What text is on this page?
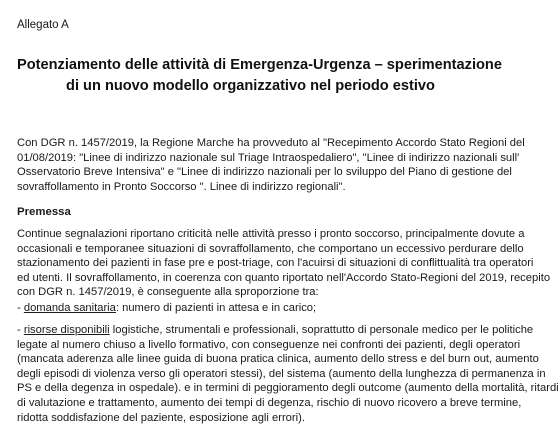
Allegato A
Potenziamento delle attività di Emergenza-Urgenza – sperimentazione
di un nuovo modello organizzativo nel periodo estivo
Con DGR n. 1457/2019, la Regione Marche ha provveduto al "Recepimento Accordo Stato Regioni del
01/08/2019: "Linee di indirizzo nazionale sul Triage Intraospedaliero", "Linee di indirizzo nazionali sull'
Osservatorio Breve Intensiva" e "Linee di indirizzo nazionali per lo sviluppo del Piano di gestione del
sovraffollamento in Pronto Soccorso ". Linee di indirizzo regionali".
Premessa
Continue segnalazioni riportano criticità nelle attività presso i pronto soccorso, principalmente dovute a
occasionali e temporanee situazioni di sovraffollamento, che comportano un eccessivo perdurare dello
stazionamento dei pazienti in fase pre e post-triage, con l'acuirsi di situazioni di conflittualità tra operatori
ed utenti. Il sovraffollamento, in coerenza con quanto riportato nell'Accordo Stato-Regioni del 2019, recepito
con DGR n. 1457/2019, è conseguente alla sproporzione tra:
- domanda sanitaria: numero di pazienti in attesa e in carico;
- risorse disponibili logistiche, strumentali e professionali, soprattutto di personale medico per le politiche
legate al numero chiuso a livello formativo, con conseguenze nei confronti dei pazienti, degli operatori
(mancata aderenza alle linee guida di buona pratica clinica, aumento dello stress e del burn out, aumento
degli episodi di violenza verso gli operatori stessi), del sistema (aumento della lunghezza di permanenza in
PS e della degenza in ospedale). e in termini di peggioramento degli outcome (aumento della mortalità, ritardi
di valutazione e trattamento, aumento dei tempi di degenza, rischio di nuovo ricovero a breve termine,
ridotta soddisfazione del paziente, esposizione agli errori).
